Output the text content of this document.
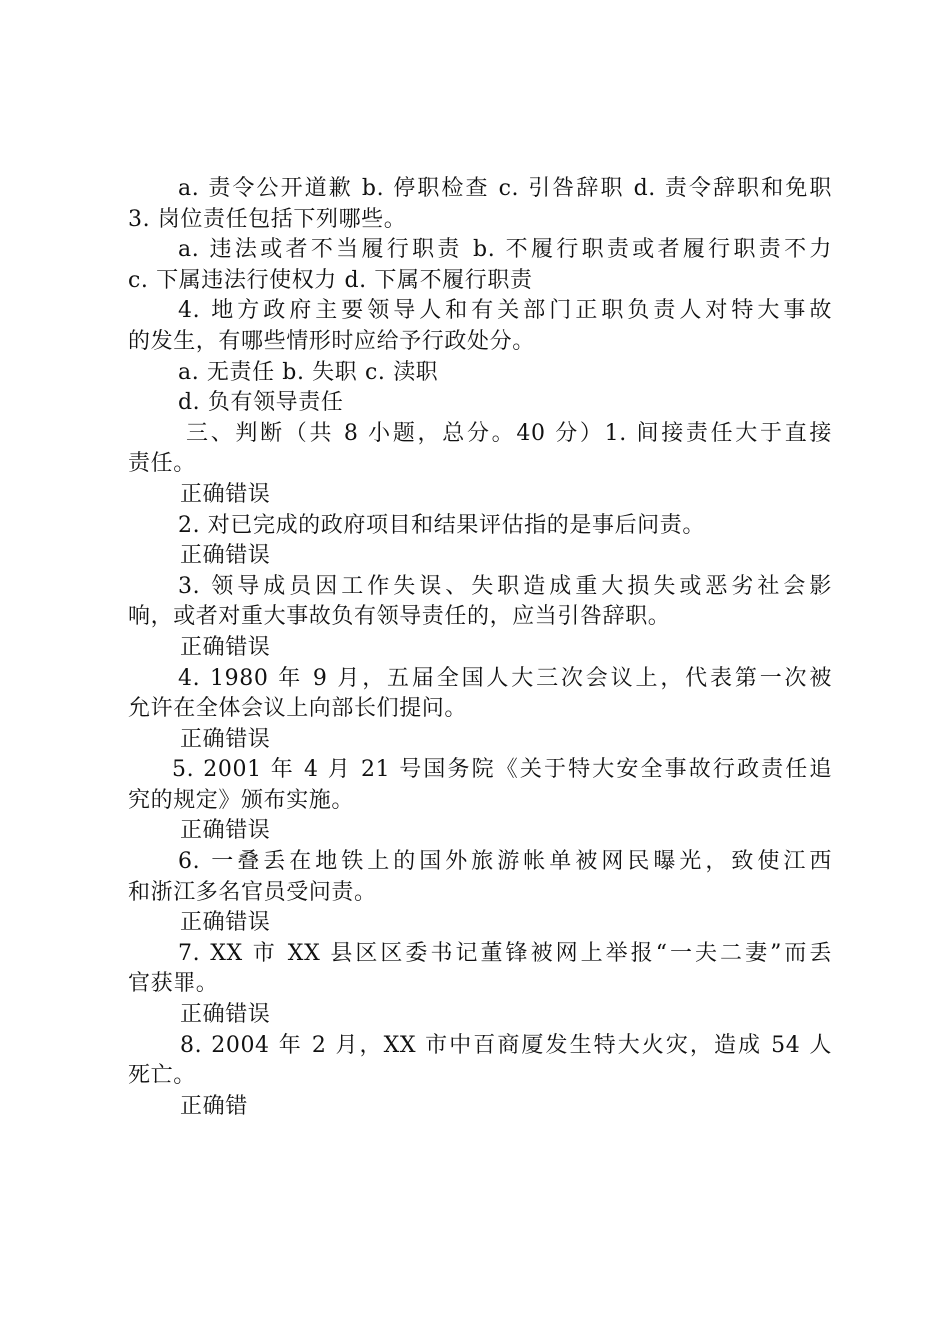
a. 责令公开道歉 b. 停职检查 c. 引咎辞职 d. 责令辞职和免职
3. 岗位责任包括下列哪些。
a. 违法或者不当履行职责 b. 不履行职责或者履行职责不力
c. 下属违法行使权力 d. 下属不履行职责
4. 地方政府主要领导人和有关部门正职负责人对特大事故
的发生，有哪些情形时应给予行政处分。
a. 无责任 b. 失职 c. 渎职
d. 负有领导责任
三、判断（共 8 小题，总分。40 分）1. 间接责任大于直接
责任。
正确错误
2. 对已完成的政府项目和结果评估指的是事后问责。
正确错误
3. 领导成员因工作失误、失职造成重大损失或恶劣社会影
响，或者对重大事故负有领导责任的，应当引咎辞职。
正确错误
4. 1980 年 9 月，五届全国人大三次会议上，代表第一次被
允许在全体会议上向部长们提问。
正确错误
5. 2001 年 4 月 21 号国务院《关于特大安全事故行政责任追
究的规定》颁布实施。
正确错误
6. 一叠丢在地铁上的国外旅游帐单被网民曝光，致使江西
和浙江多名官员受问责。
正确错误
7. XX 市 XX 县区区委书记董锋被网上举报“一夫二妻”而丢
官获罪。
正确错误
8. 2004 年 2 月，XX 市中百商厦发生特大火灾，造成 54 人
死亡。
正确错
